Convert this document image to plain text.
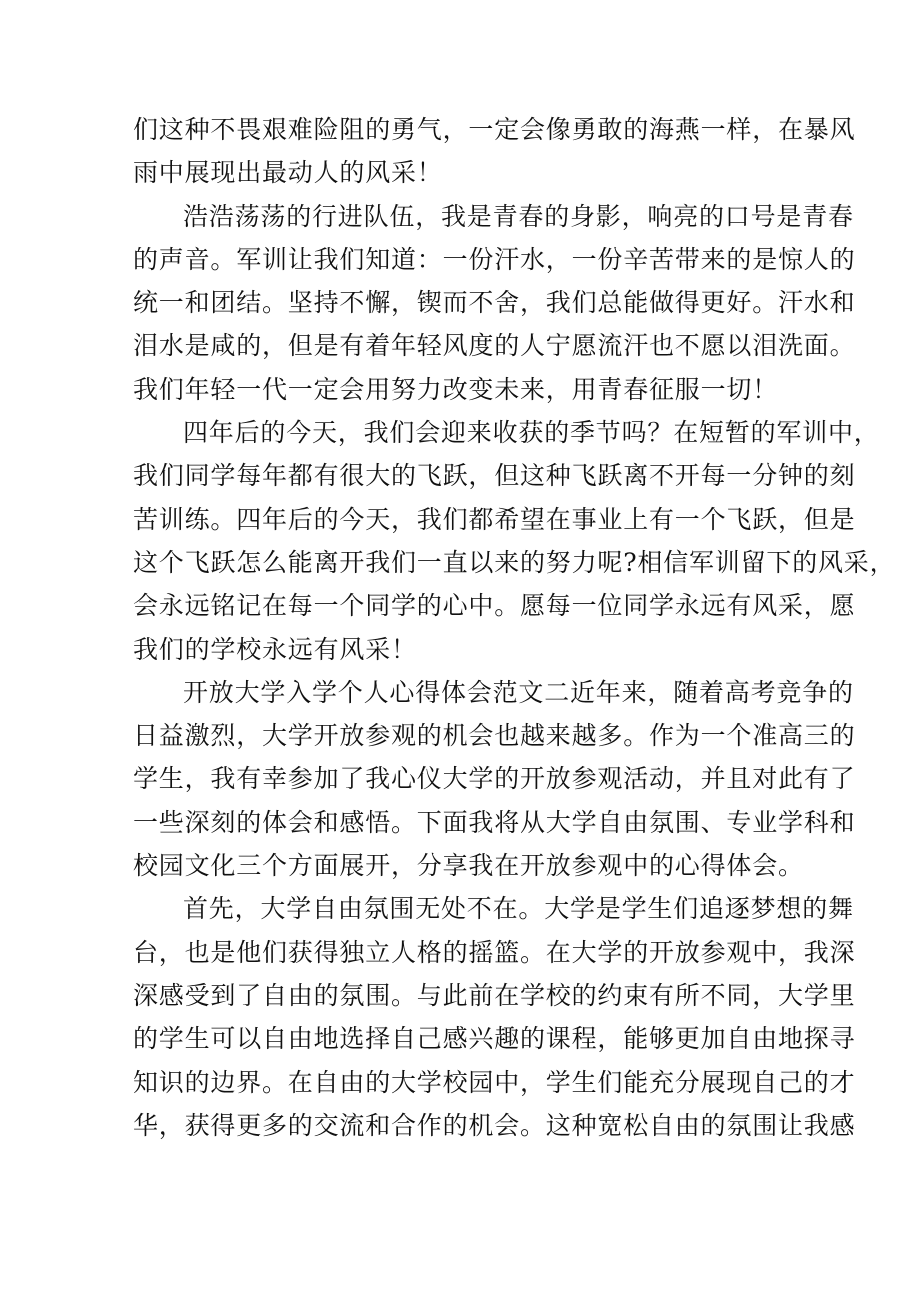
们这种不畏艰难险阻的勇气，一定会像勇敢的海燕一样，在暴风
雨中展现出最动人的风采！
浩浩荡荡的行进队伍，我是青春的身影，响亮的口号是青春
的声音。军训让我们知道：一份汗水，一份辛苦带来的是惊人的
统一和团结。坚持不懈，锲而不舍，我们总能做得更好。汗水和
泪水是咸的，但是有着年轻风度的人宁愿流汗也不愿以泪洗面。
我们年轻一代一定会用努力改变未来，用青春征服一切！
四年后的今天，我们会迎来收获的季节吗？在短暂的军训中，
我们同学每年都有很大的飞跃，但这种飞跃离不开每一分钟的刻
苦训练。四年后的今天，我们都希望在事业上有一个飞跃，但是
这个飞跃怎么能离开我们一直以来的努力呢?相信军训留下的风采，
会永远铭记在每一个同学的心中。愿每一位同学永远有风采，愿
我们的学校永远有风采！
开放大学入学个人心得体会范文二近年来，随着高考竞争的
日益激烈，大学开放参观的机会也越来越多。作为一个准高三的
学生，我有幸参加了我心仪大学的开放参观活动，并且对此有了
一些深刻的体会和感悟。下面我将从大学自由氛围、专业学科和
校园文化三个方面展开，分享我在开放参观中的心得体会。
首先，大学自由氛围无处不在。大学是学生们追逐梦想的舞
台，也是他们获得独立人格的摇篮。在大学的开放参观中，我深
深感受到了自由的氛围。与此前在学校的约束有所不同，大学里
的学生可以自由地选择自己感兴趣的课程，能够更加自由地探寻
知识的边界。在自由的大学校园中，学生们能充分展现自己的才
华，获得更多的交流和合作的机会。这种宽松自由的氛围让我感
